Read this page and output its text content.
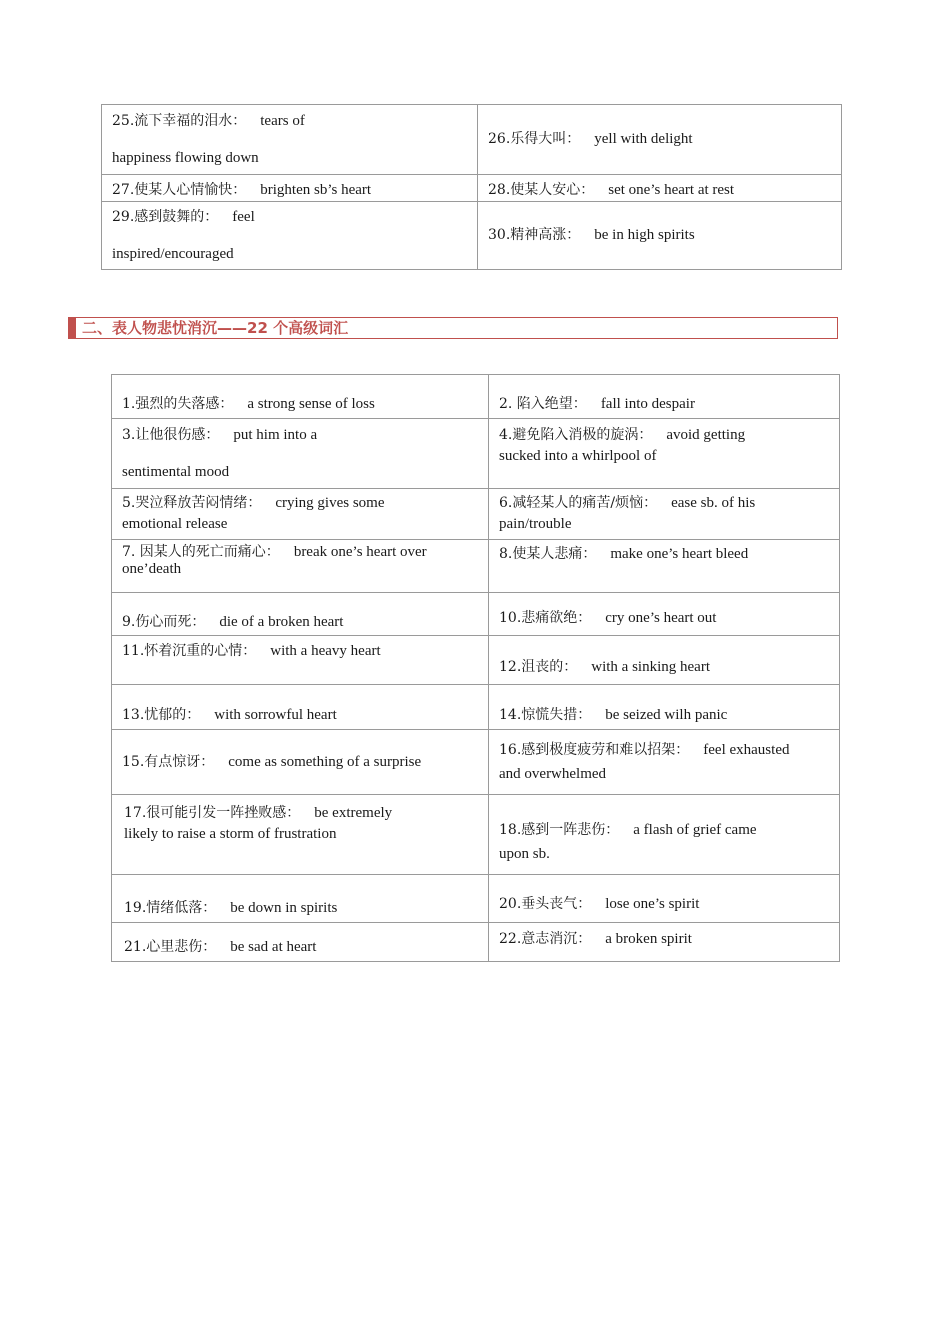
25.流下幸福的泪水： tears of
happiness flowing down	26.乐得大叫： yell with delight
27.使某人心情愉快： brighten sb’s heart	28.使某人安心： set one’s heart at rest
29.感到鼓舞的： feel
inspired/encouraged	30.精神高涨： be in high spirits
二、表人物悲忧消沉——22 个高级词汇
1.强烈的失落感： a strong sense of loss	2. 陷入绝望： fall into despair
3.让他很伤感： put him into a
sentimental mood	4.避免陷入消极的旋涡： avoid getting
sucked into a whirlpool of

5.哭泣释放苦闷情绪： crying gives some
emotional release	6.减轻某人的痛苦/烦恼： ease sb. of his
pain/trouble

7. 因某人的死亡而痛心： break one’s heart over
one’death	8.使某人悲痛： make one’s heart bleed
9.伤心而死： die of a broken heart	10.悲痛欲绝： cry one’s heart out
11.怀着沉重的心情： with a heavy heart	12.沮丧的： with a sinking heart
13.忧郁的： with sorrowful heart	14.惊慌失措： be seized wilh panic
15.有点惊讶： come as something of a surprise	16.感到极度疲劳和难以招架： feel exhausted
and overwhelmed

17.很可能引发一阵挫败感： be extremely
likely to raise a storm of frustration	18.感到一阵悲伤： a flash of grief came
upon sb.

19.情绪低落： be down in spirits	20.垂头丧气： lose one’s spirit
21.心里悲伤： be sad at heart	22.意志消沉： a broken spirit
